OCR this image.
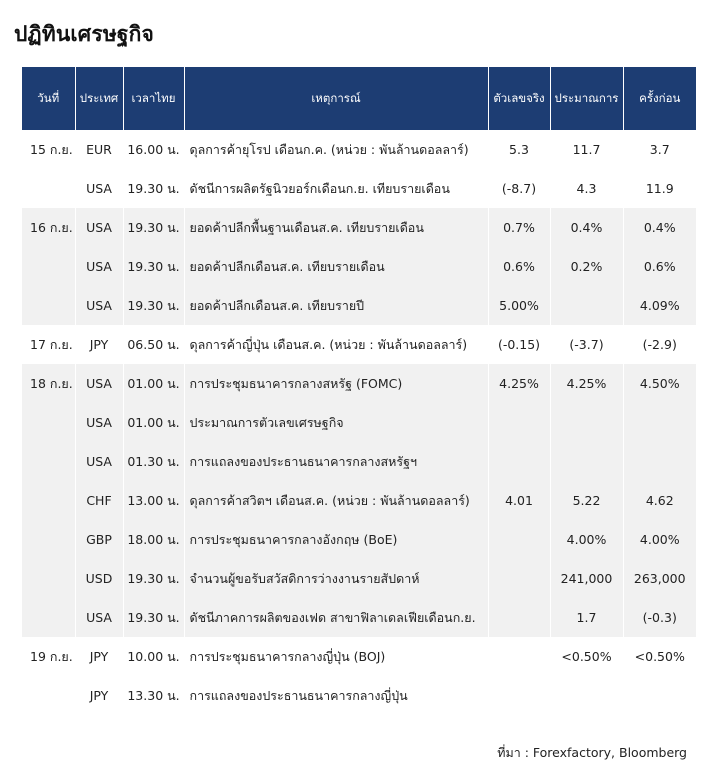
ปฏิทินเศรษฐกิจ
วันที่	ประเทศ	เวลาไทย	เหตุการณ์	ตัวเลขจริง	ประมาณการ	ครั้งก่อน
15 ก.ย.	EUR	16.00 น.	ดุลการค้ายุโรป เดือนก.ค. (หน่วย : พันล้านดอลลาร์)	5.3	11.7	3.7
	USA	19.30 น.	ดัชนีการผลิตรัฐนิวยอร์กเดือนก.ย. เทียบรายเดือน	(-8.7)	4.3	11.9
16 ก.ย.	USA	19.30 น.	ยอดค้าปลีกพื้นฐานเดือนส.ค. เทียบรายเดือน	0.7%	0.4%	0.4%
	USA	19.30 น.	ยอดค้าปลีกเดือนส.ค. เทียบรายเดือน	0.6%	0.2%	0.6%
	USA	19.30 น.	ยอดค้าปลีกเดือนส.ค. เทียบรายปี	5.00%		4.09%
17 ก.ย.	JPY	06.50 น.	ดุลการค้าญี่ปุ่น เดือนส.ค. (หน่วย : พันล้านดอลลาร์)	(-0.15)	(-3.7)	(-2.9)
18 ก.ย.	USA	01.00 น.	การประชุมธนาคารกลางสหรัฐ (FOMC)	4.25%	4.25%	4.50%
	USA	01.00 น.	ประมาณการตัวเลขเศรษฐกิจ			
	USA	01.30 น.	การแถลงของประธานธนาคารกลางสหรัฐฯ			
	CHF	13.00 น.	ดุลการค้าสวิตฯ เดือนส.ค. (หน่วย : พันล้านดอลลาร์)	4.01	5.22	4.62
	GBP	18.00 น.	การประชุมธนาคารกลางอังกฤษ (BoE)		4.00%	4.00%
	USD	19.30 น.	จำนวนผู้ขอรับสวัสดิการว่างงานรายสัปดาห์		241,000	263,000
	USA	19.30 น.	ดัชนีภาคการผลิตของเฟด สาขาฟิลาเดลเฟียเดือนก.ย.		1.7	(-0.3)
19 ก.ย.	JPY	10.00 น.	การประชุมธนาคารกลางญี่ปุ่น (BOJ)		<0.50%	<0.50%
	JPY	13.30 น.	การแถลงของประธานธนาคารกลางญี่ปุ่น			
ที่มา : Forexfactory, Bloomberg
